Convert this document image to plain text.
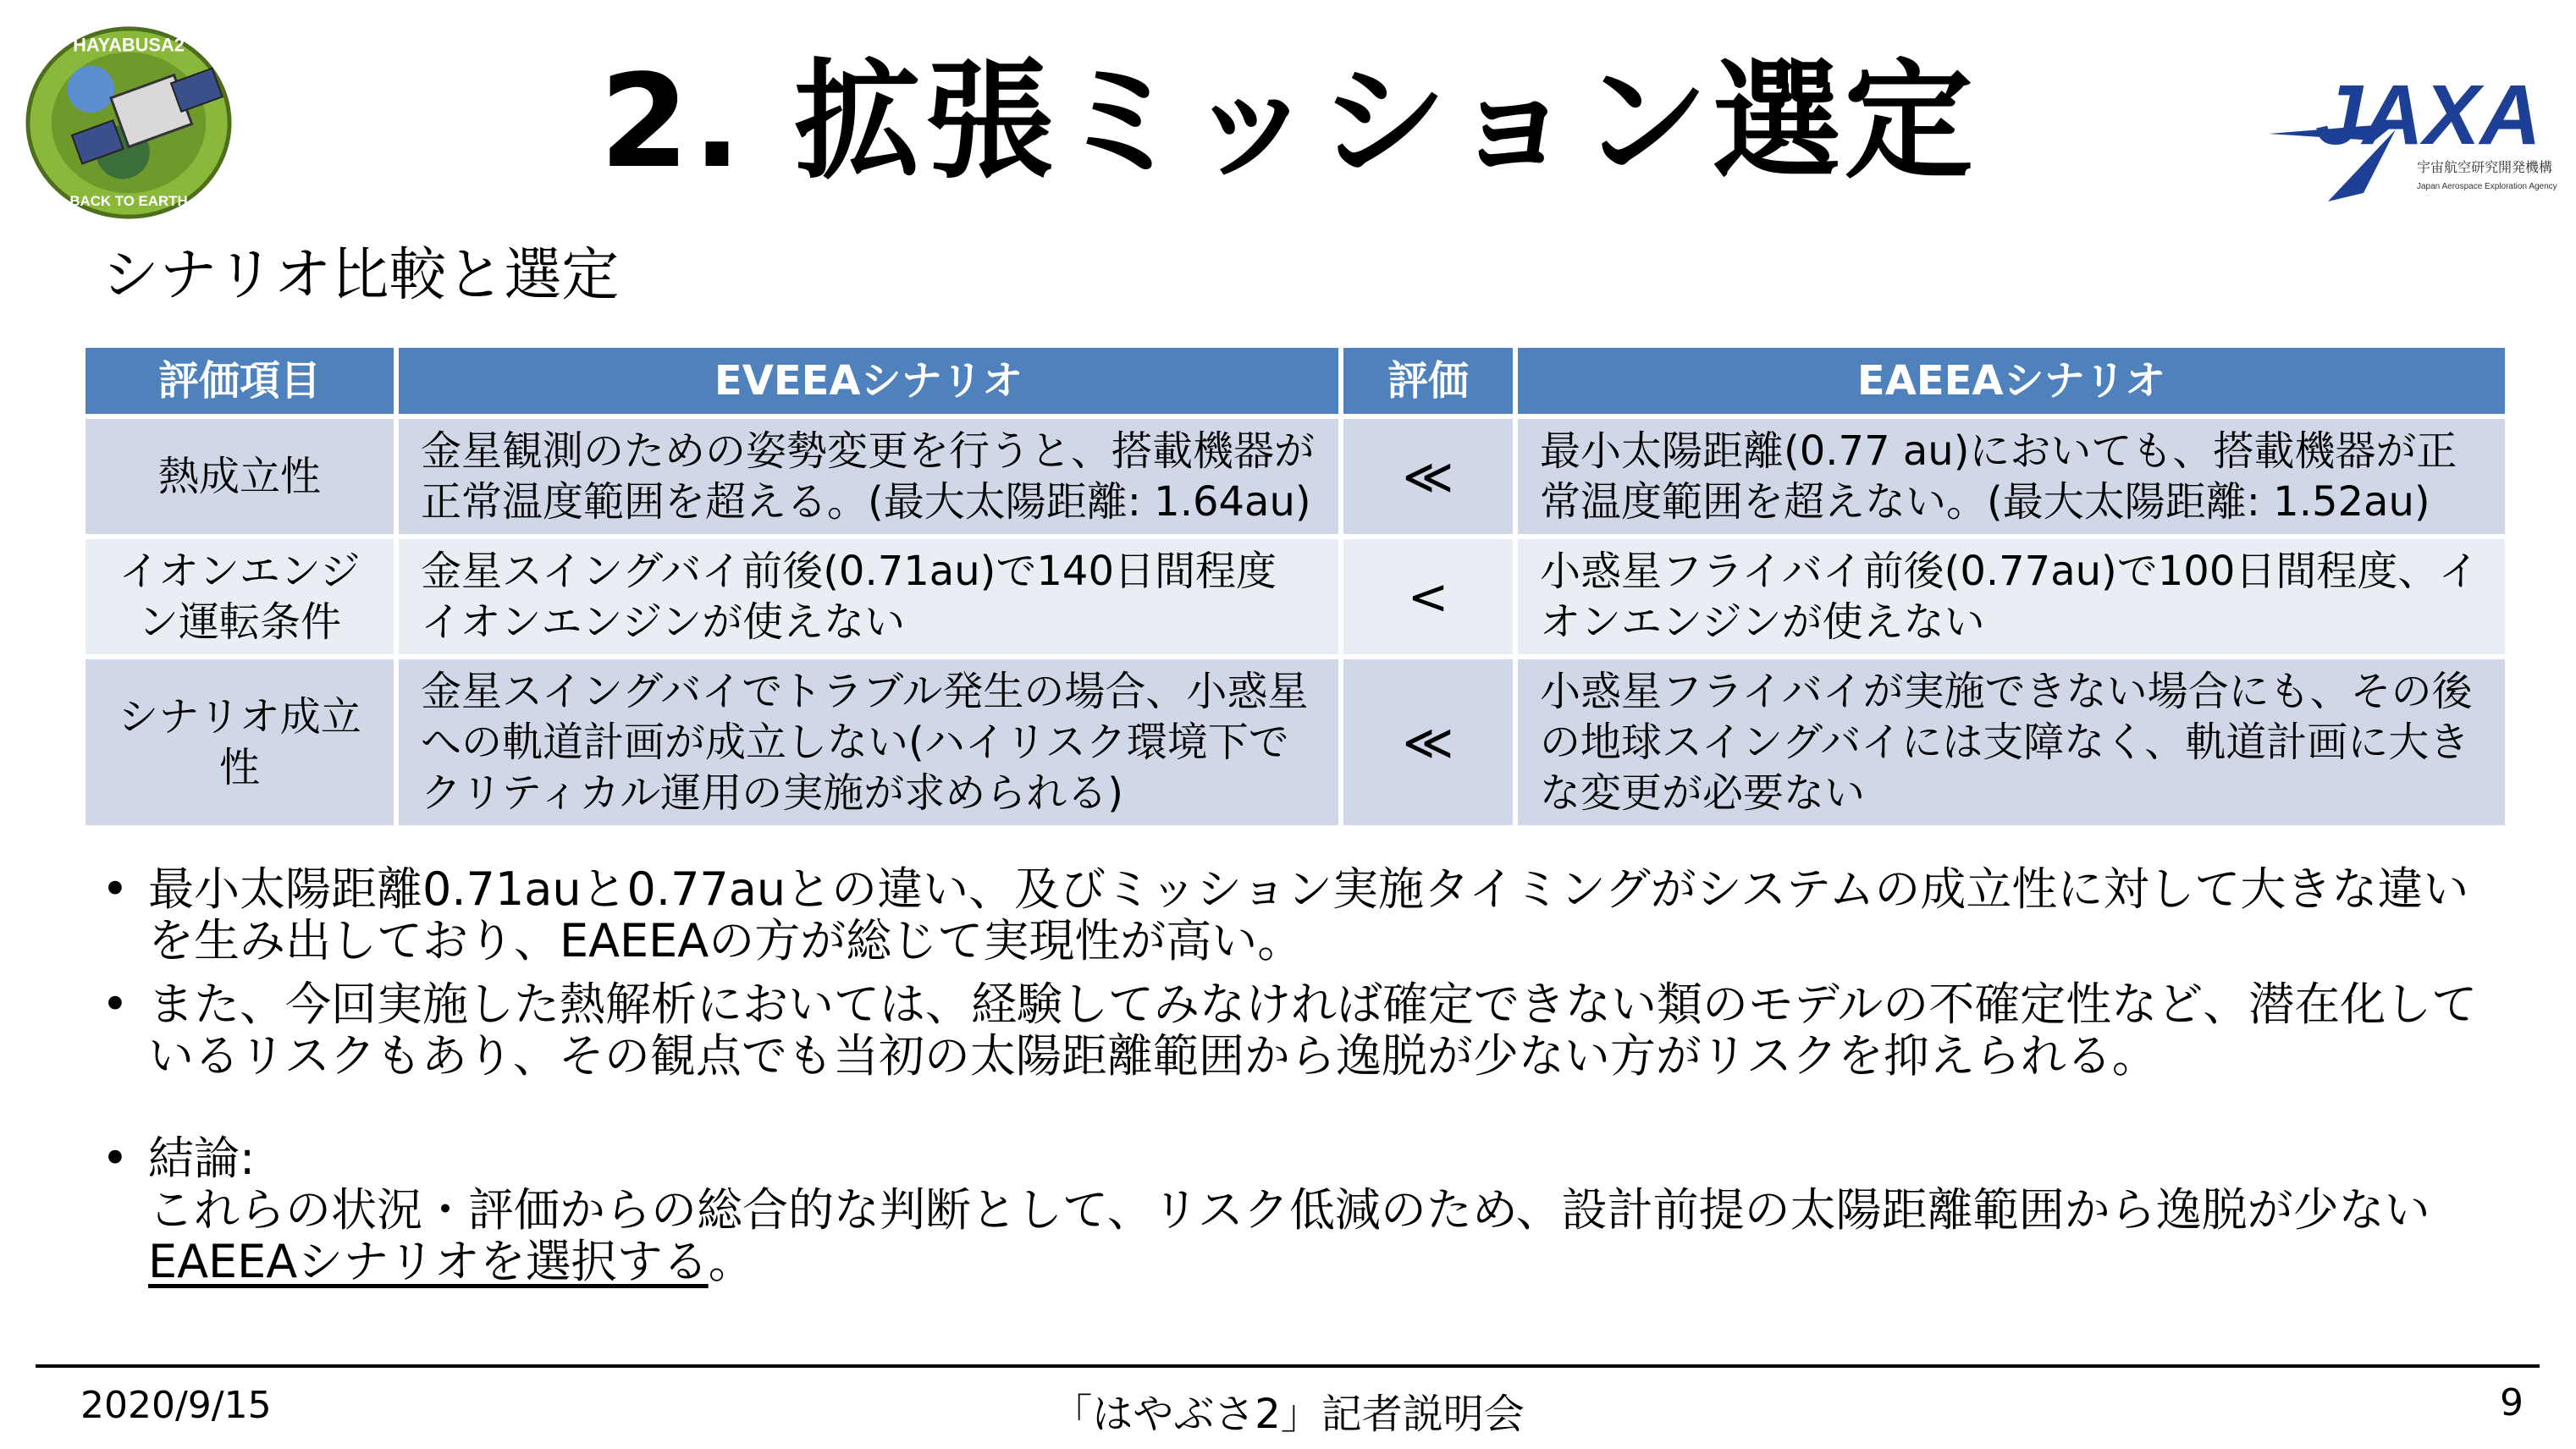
HAYABUSA2
BACK TO EARTH
2. 拡張ミッション選定	JAXA
宇宙航空研究開発機構
Japan Aerospace Exploration Agency
シナリオ比較と選定
評価項目	EVEEAシナリオ	評価	EAEEAシナリオ
熱成立性	金星観測のための姿勢変更を行うと、搭載機器が正常温度範囲を超える。(最大太陽距離: 1.64au)	≪	最小太陽距離(0.77 au)においても、搭載機器が正常温度範囲を超えない。(最大太陽距離: 1.52au)
イオンエンジン運転条件	金星スイングバイ前後(0.71au)で140日間程度イオンエンジンが使えない	<	小惑星フライバイ前後(0.77au)で100日間程度、イオンエンジンが使えない
シナリオ成立性	金星スイングバイでトラブル発生の場合、小惑星への軌道計画が成立しない(ハイリスク環境下でクリティカル運用の実施が求められる)	≪	小惑星フライバイが実施できない場合にも、その後の地球スイングバイには支障なく、軌道計画に大きな変更が必要ない
• 最小太陽距離0.71auと0.77auとの違い、及びミッション実施タイミングがシステムの成立性に対して大きな違いを生み出しており、EAEEAの方が総じて実現性が高い。
• また、今回実施した熱解析においては、経験してみなければ確定できない類のモデルの不確定性など、潜在化しているリスクもあり、その観点でも当初の太陽距離範囲から逸脱が少ない方がリスクを抑えられる。
• 結論:
これらの状況・評価からの総合的な判断として、リスク低減のため、設計前提の太陽距離範囲から逸脱が少ないEAEEAシナリオを選択する。
2020/9/15	「はやぶさ2」記者説明会	9
